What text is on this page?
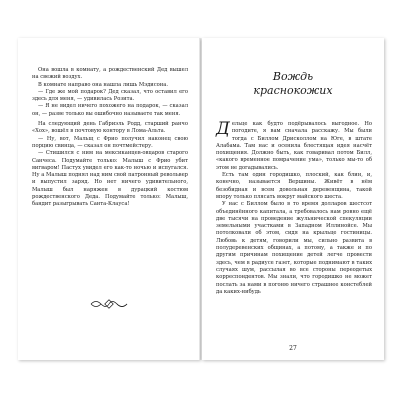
Она вошла в комнату, а рождественский Дед вышел на свежий воздух.

В комнате направо она нашла лишь Мэдисона.

— Где же мой подарок? Дед сказал, что оставил его здесь для меня, — удивилась Розита.

— Я не видел ничего похожего на подарок, — сказал он, — разве только вы ошибочно называете так меня.

На следующий день Габриэль Родд, старший ранчо «Хох», вошёл в почтовую контору в Лома-Альта.

— Ну, вот, Мальщ с Фрио получил наконец свою порцию свинца, — сказал он почтмейстеру.

— Стишился с ним на мексиканцев-овцаров старого Санчеса. Подумайте только: Малыш с Фрио убит вигваром! Пастух увидел его как-то ночью и испугался. Ну а Малыш поднял над ним свой патронный револьвер и выпустил заряд. Но нет ничего удивительного, Малыш был наряжен в дурацкий костюм рождественского Деда. Подумайте только: Малыш, бандит разыгрывать Санта-Клауса!

Вождь
краснокожих

Дельце как будто подёрывалось выгодное. Но погодите, я вам сначала расскажу. Мы были тогда с Биллом Дрисколлом на Юге, в штате Алабама. Там нас и осенила блестящая идея насчёт похищения. Должно быть, как говаривал потом Билл, «какого временное помрачение ума», только мы-то об этом не догадывались.

Есть там один городишко, плоский, как блин, и, конечно, называется Вершины. Живёт в нём безобидная и всем довольная деревенщина, такой впору только плясать вокруг майского шеста.

У нас с Биллом было в то время долларов шестсот объединённого капитала, а требовалось нам ровно ещё две тысячи на проведение жульнической спекуляции земельными участками в Западном Иллинойсе. Мы потолковали об этом, сидя на крыльце гостиницы. Любовь к детям, говорили мы, сильно развита в полудеревенских общинах, а потому, а также и по другим причинам похищение детей легче провести здесь, чем в радиусе газет, которые поднимают в таких случаях шум, рассылая во все стороны переодетых корреспондентов. Мы знали, что городишко не может послать за нами в погоню ничего страшнее констеблей да каких-нибудь

27
